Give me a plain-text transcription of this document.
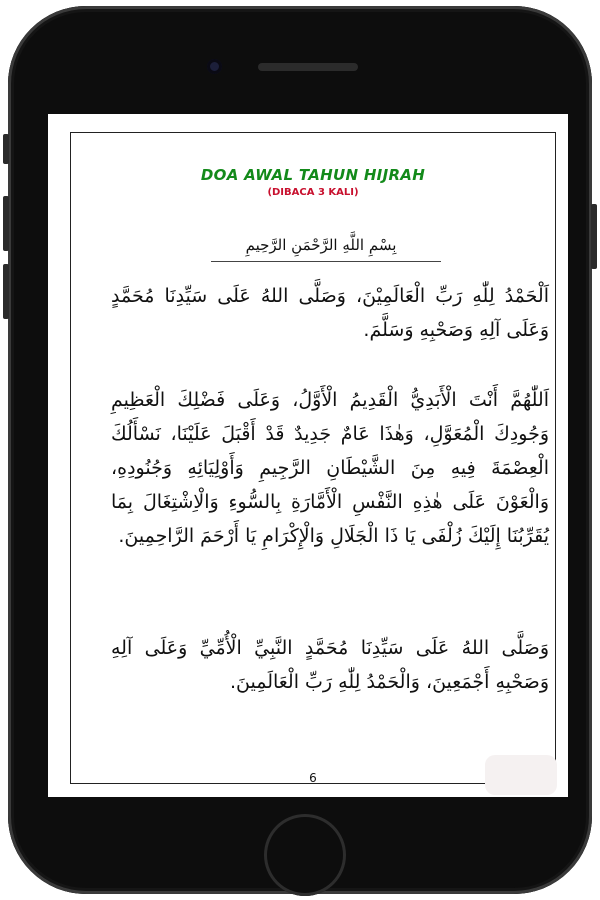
DOA AWAL TAHUN HIJRAH
(DIBACA 3 KALI)
بِسْمِ اللَّهِ الرَّحْمَنِ الرَّحِيمِ
اَلْحَمْدُ لِلّٰهِ رَبِّ الْعَالَمِيْنَ، وَصَلَّى اللهُ عَلَى سَيِّدِنَا مُحَمَّدٍ وَعَلَى آلِهِ وَصَحْبِهِ وَسَلَّمَ.
اَللّٰهُمَّ أَنْتَ الْأَبَدِيُّ الْقَدِيمُ الْأَوَّلُ، وَعَلَى فَضْلِكَ الْعَظِيمِ وَجُودِكَ الْمُعَوَّلِ، وَهٰذَا عَامٌ جَدِيدٌ قَدْ أَقْبَلَ عَلَيْنَا، نَسْأَلُكَ الْعِصْمَةَ فِيهِ مِنَ الشَّيْطَانِ الرَّجِيمِ وَأَوْلِيَائِهِ وَجُنُودِهِ، وَالْعَوْنَ عَلَى هٰذِهِ النَّفْسِ الْأَمَّارَةِ بِالسُّوءِ وَالْاِشْتِغَالَ بِمَا يُقَرِّبُنَا إِلَيْكَ زُلْفَى يَا ذَا الْجَلَالِ وَالْإِكْرَامِ يَا أَرْحَمَ الرَّاحِمِينَ.
وَصَلَّى اللهُ عَلَى سَيِّدِنَا مُحَمَّدٍ النَّبِيِّ الْأُمِّيِّ وَعَلَى آلِهِ وَصَحْبِهِ أَجْمَعِينَ، وَالْحَمْدُ لِلّٰهِ رَبِّ الْعَالَمِينَ.
6
